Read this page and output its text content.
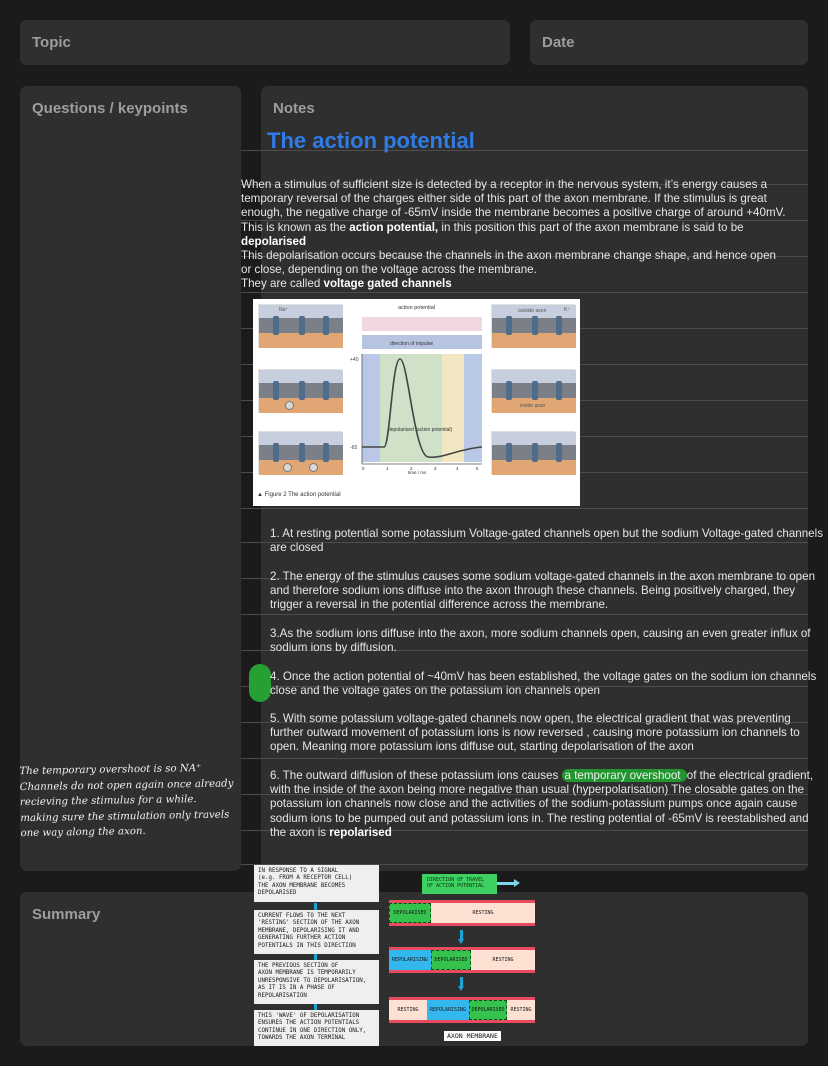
Topic	Date
Questions / keypoints	Notes
Summary
The action potential
When a stimulus of sufficient size is detected by a receptor in the nervous system, it’s energy causes a temporary reversal of the charges either side of this part of the axon membrane. If the stimulus is great enough, the negative charge of -65mV inside the membrane becomes a positive charge of around +40mV. This is known as the action potential, in this position this part of the axon membrane is said to be depolarised
This depolarisation occurs because the channels in the axon membrane change shape, and hence open or close, depending on the voltage across the membrane.
They are called voltage gated channels
Na⁺	outside axon	K⁺
inside axon
+40
-65
action potential
direction of impulse
depolarised (action potential)
time / ms
0	1	2	3	4	5
▲ Figure 2 The action potential
1. At resting potential some potassium Voltage-gated channels open but the sodium Voltage-gated channels are closed
2. The energy of the stimulus causes some sodium voltage-gated channels in the axon membrane to open and therefore sodium ions diffuse into the axon through these channels. Being positively charged, they trigger a reversal in the potential difference across the membrane.
3.As the sodium ions diffuse into the axon, more sodium channels open, causing an even greater influx of sodium ions by diffusion.
4. Once the action potential of ~40mV has been established, the voltage gates on the sodium ion channels close and the voltage gates on the potassium ion channels open
5. With some potassium voltage-gated channels now open, the electrical gradient that was preventing further outward movement of potassium ions is now reversed , causing more potassium ion channels to open. Meaning more potassium ions diffuse out, starting depolarisation of the axon
6. The outward diffusion of these potassium ions causes a temporary overshoot of the electrical gradient, with the inside of the axon being more negative than usual (hyperpolarisation) The closable gates on the potassium ion channels now close and the activities of the sodium-potassium pumps once again cause sodium ions to be pumped out and potassium ions in. The resting potential of -65mV is reestablished and the axon is repolarised
The temporary overshoot is so NA⁺
Channels do not open again once already
recieving the stimulus for a while.
making sure the stimulation only travels
one way along the axon.
IN RESPONSE TO A SIGNAL
(e.g. FROM A RECEPTOR CELL)
THE AXON MEMBRANE BECOMES
DEPOLARISED
CURRENT FLOWS TO THE NEXT
'RESTING' SECTION OF THE AXON
MEMBRANE, DEPOLARISING IT AND
GENERATING FURTHER ACTION
POTENTIALS IN THIS DIRECTION
THE PREVIOUS SECTION OF
AXON MEMBRANE IS TEMPORARILY
UNRESPONSIVE TO DEPOLARISATION,
AS IT IS IN A PHASE OF
REPOLARISATION
THIS 'WAVE' OF DEPOLARISATION
ENSURES THE ACTION POTENTIALS
CONTINUE IN ONE DIRECTION ONLY,
TOWARDS THE AXON TERMINAL
DIRECTION OF TRAVEL
OF ACTION POTENTIAL
DEPOLARISED	RESTING
REPOLARISING	DEPOLARISED	RESTING
RESTING	REPOLARISING	DEPOLARISED	RESTING
AXON MEMBRANE
